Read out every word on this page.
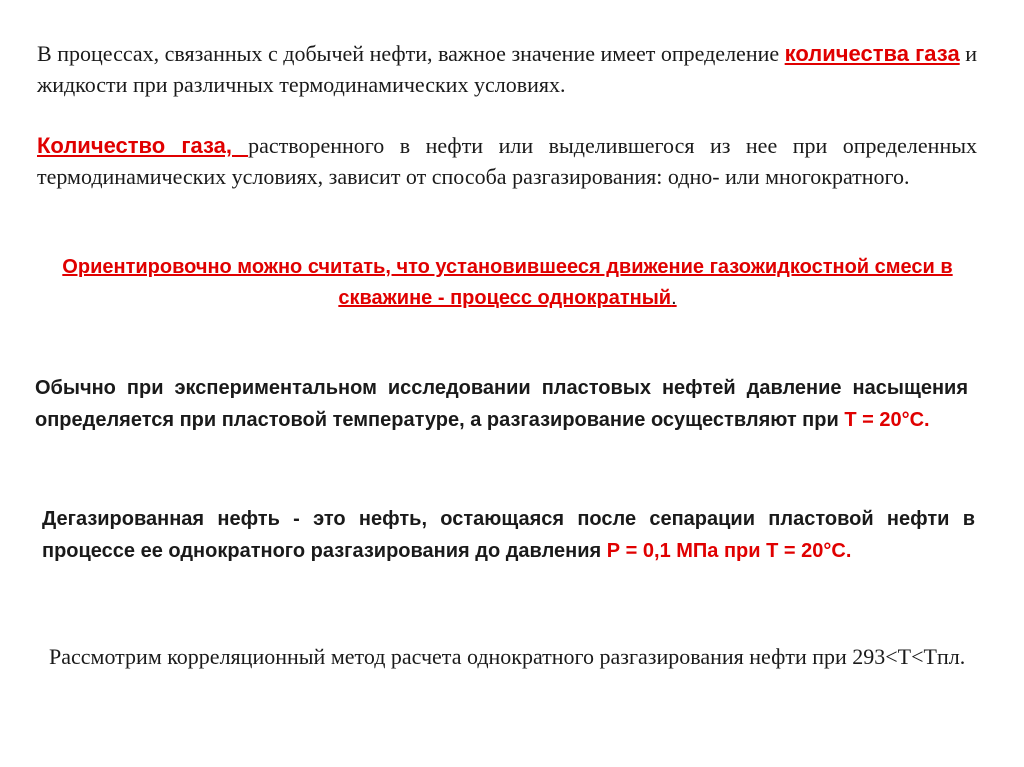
В процессах, связанных с добычей нефти, важное значение имеет определение количества газа и жидкости при различных термодинамических условиях.
Количество газа, растворенного в нефти или выделившегося из нее при определенных термодинамических условиях, зависит от способа разгазирования: одно- или многократного.
Ориентировочно можно считать, что установившееся движение газожидкостной смеси в скважине - процесс однократный.
Обычно при экспериментальном исследовании пластовых нефтей давление насыщения определяется при пластовой температуре, а разгазирование осуществляют при Т = 20°С.
Дегазированная нефть - это нефть, остающаяся после сепарации пластовой нефти в процессе ее однократного разгазирования до давления Р = 0,1 МПа при Т = 20°С.
Рассмотрим корреляционный метод расчета однократного разгазирования нефти при 293<T<Tпл.
